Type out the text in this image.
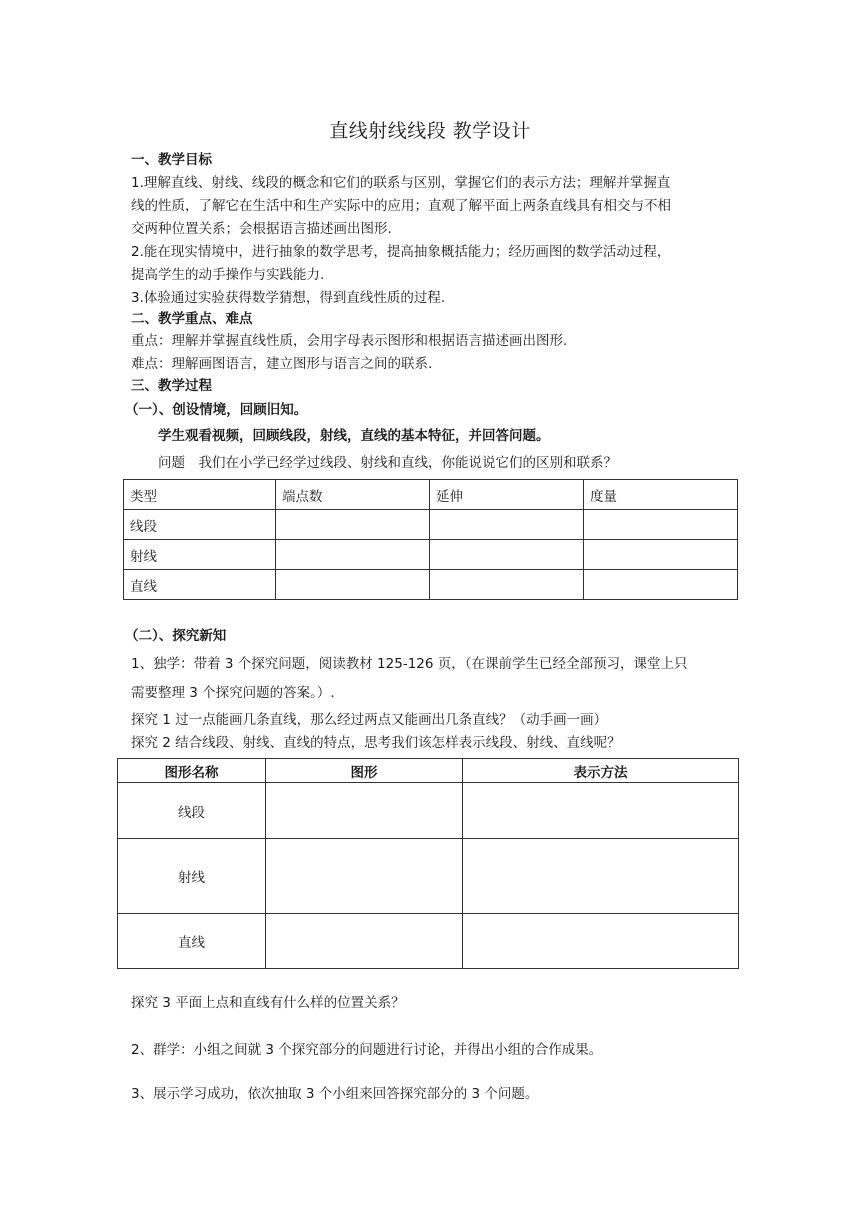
直线射线线段 教学设计
一、教学目标
1.理解直线、射线、线段的概念和它们的联系与区别，掌握它们的表示方法；理解并掌握直
线的性质，了解它在生活中和生产实际中的应用；直观了解平面上两条直线具有相交与不相
交两种位置关系；会根据语言描述画出图形.
2.能在现实情境中，进行抽象的数学思考，提高抽象概括能力；经历画图的数学活动过程，
提高学生的动手操作与实践能力.
3.体验通过实验获得数学猜想，得到直线性质的过程.
二、教学重点、难点
重点：理解并掌握直线性质，会用字母表示图形和根据语言描述画出图形.
难点：理解画图语言，建立图形与语言之间的联系.
三、教学过程
（一）、创设情境，回顾旧知。
学生观看视频，回顾线段，射线，直线的基本特征，并回答问题。
问题　我们在小学已经学过线段、射线和直线，你能说说它们的区别和联系？
类型	端点数	延伸	度量
线段			
射线			
直线			
（二）、探究新知
1、独学：带着 3 个探究问题，阅读教材 125-126 页，（在课前学生已经全部预习，课堂上只
需要整理 3 个探究问题的答案。）.
探究 1 过一点能画几条直线，那么经过两点又能画出几条直线？（动手画一画）
探究 2 结合线段、射线、直线的特点，思考我们该怎样表示线段、射线、直线呢？
图形名称	图形	表示方法
线段		
射线		
直线		
探究 3 平面上点和直线有什么样的位置关系？
2、群学：小组之间就 3 个探究部分的问题进行讨论，并得出小组的合作成果。
3、展示学习成功，依次抽取 3 个小组来回答探究部分的 3 个问题。
